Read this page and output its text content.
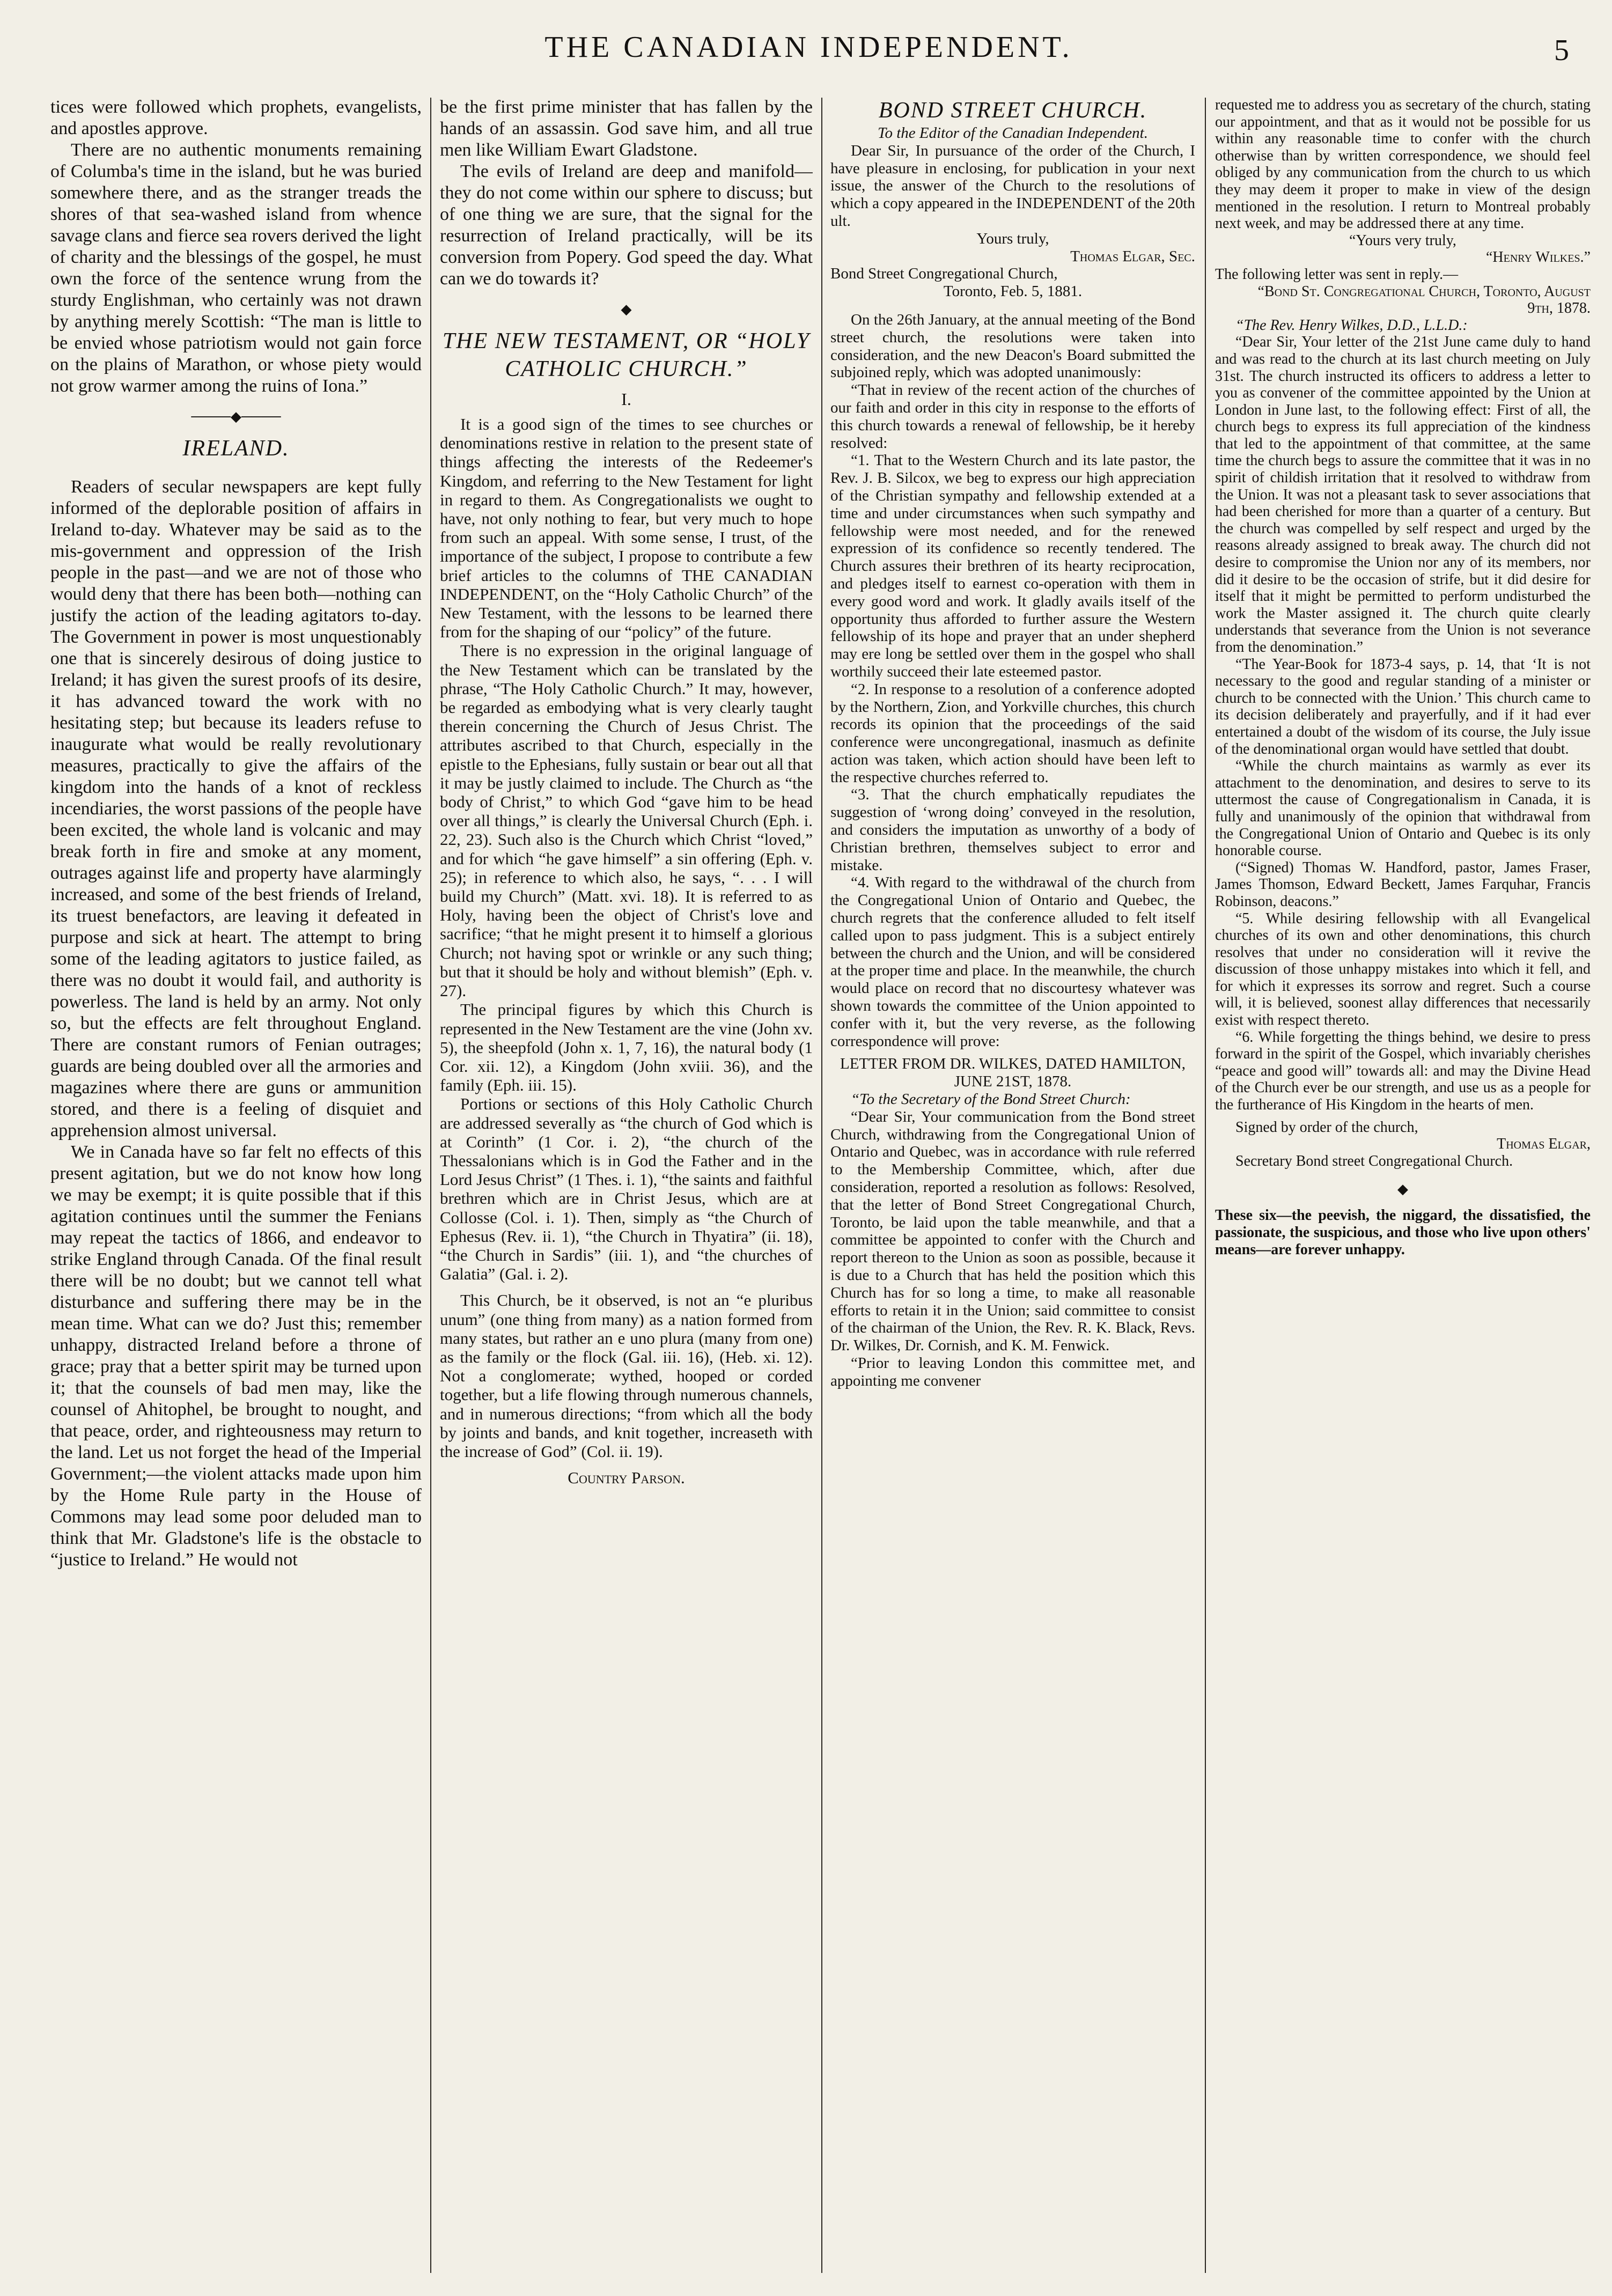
THE CANADIAN INDEPENDENT.	5

tices were followed which prophets, evangelists, and apostles approve.

There are no authentic monuments remaining of Columba's time in the island, but he was buried somewhere there, and as the stranger treads the shores of that sea-washed island from whence savage clans and fierce sea rovers derived the light of charity and the blessings of the gospel, he must own the force of the sentence wrung from the sturdy Englishman, who certainly was not drawn by anything merely Scottish: “The man is little to be envied whose patriotism would not gain force on the plains of Marathon, or whose piety would not grow warmer among the ruins of Iona.”

────◆────
IRELAND.

Readers of secular newspapers are kept fully informed of the deplorable position of affairs in Ireland to-day. Whatever may be said as to the mis-government and oppression of the Irish people in the past—and we are not of those who would deny that there has been both—nothing can justify the action of the leading agitators to-day. The Government in power is most unquestionably one that is sincerely desirous of doing justice to Ireland; it has given the surest proofs of its desire, it has advanced toward the work with no hesitating step; but because its leaders refuse to inaugurate what would be really revolutionary measures, practically to give the affairs of the kingdom into the hands of a knot of reckless incendiaries, the worst passions of the people have been excited, the whole land is volcanic and may break forth in fire and smoke at any moment, outrages against life and property have alarmingly increased, and some of the best friends of Ireland, its truest benefactors, are leaving it defeated in purpose and sick at heart. The attempt to bring some of the leading agitators to justice failed, as there was no doubt it would fail, and authority is powerless. The land is held by an army. Not only so, but the effects are felt throughout England. There are constant rumors of Fenian outrages; guards are being doubled over all the armories and magazines where there are guns or ammunition stored, and there is a feeling of disquiet and apprehension almost universal.

We in Canada have so far felt no effects of this present agitation, but we do not know how long we may be exempt; it is quite possible that if this agitation continues until the summer the Fenians may repeat the tactics of 1866, and endeavor to strike England through Canada. Of the final result there will be no doubt; but we cannot tell what disturbance and suffering there may be in the mean time. What can we do? Just this; remember unhappy, distracted Ireland before a throne of grace; pray that a better spirit may be turned upon it; that the counsels of bad men may, like the counsel of Ahitophel, be brought to nought, and that peace, order, and righteousness may return to the land. Let us not forget the head of the Imperial Government;—the violent attacks made upon him by the Home Rule party in the House of Commons may lead some poor deluded man to think that Mr. Gladstone's life is the obstacle to “justice to Ireland.” He would not

be the first prime minister that has fallen by the hands of an assassin. God save him, and all true men like William Ewart Gladstone.

The evils of Ireland are deep and manifold—they do not come within our sphere to discuss; but of one thing we are sure, that the signal for the resurrection of Ireland practically, will be its conversion from Popery. God speed the day. What can we do towards it?

◆
THE NEW TESTAMENT, OR “HOLY CATHOLIC CHURCH.”
I.

It is a good sign of the times to see churches or denominations restive in relation to the present state of things affecting the interests of the Redeemer's Kingdom, and referring to the New Testament for light in regard to them. As Congregationalists we ought to have, not only nothing to fear, but very much to hope from such an appeal. With some sense, I trust, of the importance of the subject, I propose to contribute a few brief articles to the columns of THE CANADIAN INDEPENDENT, on the “Holy Catholic Church” of the New Testament, with the lessons to be learned there from for the shaping of our “policy” of the future.

There is no expression in the original language of the New Testament which can be translated by the phrase, “The Holy Catholic Church.” It may, however, be regarded as embodying what is very clearly taught therein concerning the Church of Jesus Christ. The attributes ascribed to that Church, especially in the epistle to the Ephesians, fully sustain or bear out all that it may be justly claimed to include. The Church as “the body of Christ,” to which God “gave him to be head over all things,” is clearly the Universal Church (Eph. i. 22, 23). Such also is the Church which Christ “loved,” and for which “he gave himself” a sin offering (Eph. v. 25); in reference to which also, he says, “. . . I will build my Church” (Matt. xvi. 18). It is referred to as Holy, having been the object of Christ's love and sacrifice; “that he might present it to himself a glorious Church; not having spot or wrinkle or any such thing; but that it should be holy and without blemish” (Eph. v. 27).

The principal figures by which this Church is represented in the New Testament are the vine (John xv. 5), the sheepfold (John x. 1, 7, 16), the natural body (1 Cor. xii. 12), a Kingdom (John xviii. 36), and the family (Eph. iii. 15).

Portions or sections of this Holy Catholic Church are addressed severally as “the church of God which is at Corinth” (1 Cor. i. 2), “the church of the Thessalonians which is in God the Father and in the Lord Jesus Christ” (1 Thes. i. 1), “the saints and faithful brethren which are in Christ Jesus, which are at Collosse (Col. i. 1). Then, simply as “the Church of Ephesus (Rev. ii. 1), “the Church in Thyatira” (ii. 18), “the Church in Sardis” (iii. 1), and “the churches of Galatia” (Gal. i. 2).

This Church, be it observed, is not an “e pluribus unum” (one thing from many) as a nation formed from many states, but rather an e uno plura (many from one) as the family or the flock (Gal. iii. 16), (Heb. xi. 12). Not a conglomerate; wythed, hooped or corded together, but a life flowing through numerous channels, and in numerous directions; “from which all the body by joints and bands, and knit together, increaseth with the increase of God” (Col. ii. 19).

Country Parson.

BOND STREET CHURCH.

To the Editor of the Canadian Independent.

Dear Sir, In pursuance of the order of the Church, I have pleasure in enclosing, for publication in your next issue, the answer of the Church to the resolutions of which a copy appeared in the INDEPENDENT of the 20th ult.

Yours truly,

Thomas Elgar, Sec.

Bond Street Congregational Church,

Toronto, Feb. 5, 1881.

On the 26th January, at the annual meeting of the Bond street church, the resolutions were taken into consideration, and the new Deacon's Board submitted the subjoined reply, which was adopted unanimously:

“That in review of the recent action of the churches of our faith and order in this city in response to the efforts of this church towards a renewal of fellowship, be it hereby resolved:

“1. That to the Western Church and its late pastor, the Rev. J. B. Silcox, we beg to express our high appreciation of the Christian sympathy and fellowship extended at a time and under circumstances when such sympathy and fellowship were most needed, and for the renewed expression of its confidence so recently tendered. The Church assures their brethren of its hearty reciprocation, and pledges itself to earnest co-operation with them in every good word and work. It gladly avails itself of the opportunity thus afforded to further assure the Western fellowship of its hope and prayer that an under shepherd may ere long be settled over them in the gospel who shall worthily succeed their late esteemed pastor.

“2. In response to a resolution of a conference adopted by the Northern, Zion, and Yorkville churches, this church records its opinion that the proceedings of the said conference were uncongregational, inasmuch as definite action was taken, which action should have been left to the respective churches referred to.

“3. That the church emphatically repudiates the suggestion of ‘wrong doing’ conveyed in the resolution, and considers the imputation as unworthy of a body of Christian brethren, themselves subject to error and mistake.

“4. With regard to the withdrawal of the church from the Congregational Union of Ontario and Quebec, the church regrets that the conference alluded to felt itself called upon to pass judgment. This is a subject entirely between the church and the Union, and will be considered at the proper time and place. In the meanwhile, the church would place on record that no discourtesy whatever was shown towards the committee of the Union appointed to confer with it, but the very reverse, as the following correspondence will prove:

LETTER FROM DR. WILKES, DATED HAMILTON, JUNE 21ST, 1878.

“To the Secretary of the Bond Street Church:

“Dear Sir, Your communication from the Bond street Church, withdrawing from the Congregational Union of Ontario and Quebec, was in accordance with rule referred to the Membership Committee, which, after due consideration, reported a resolution as follows: Resolved, that the letter of Bond Street Congregational Church, Toronto, be laid upon the table meanwhile, and that a committee be appointed to confer with the Church and report thereon to the Union as soon as possible, because it is due to a Church that has held the position which this Church has for so long a time, to make all reasonable efforts to retain it in the Union; said committee to consist of the chairman of the Union, the Rev. R. K. Black, Revs. Dr. Wilkes, Dr. Cornish, and K. M. Fenwick.

“Prior to leaving London this committee met, and appointing me convener

requested me to address you as secretary of the church, stating our appointment, and that as it would not be possible for us within any reasonable time to confer with the church otherwise than by written correspondence, we should feel obliged by any communication from the church to us which they may deem it proper to make in view of the design mentioned in the resolution. I return to Montreal probably next week, and may be addressed there at any time.

“Yours very truly,

“Henry Wilkes.”

The following letter was sent in reply.—

“Bond St. Congregational Church, Toronto, August 9th, 1878.

“The Rev. Henry Wilkes, D.D., L.L.D.:

“Dear Sir, Your letter of the 21st June came duly to hand and was read to the church at its last church meeting on July 31st. The church instructed its officers to address a letter to you as convener of the committee appointed by the Union at London in June last, to the following effect: First of all, the church begs to express its full appreciation of the kindness that led to the appointment of that committee, at the same time the church begs to assure the committee that it was in no spirit of childish irritation that it resolved to withdraw from the Union. It was not a pleasant task to sever associations that had been cherished for more than a quarter of a century. But the church was compelled by self respect and urged by the reasons already assigned to break away. The church did not desire to compromise the Union nor any of its members, nor did it desire to be the occasion of strife, but it did desire for itself that it might be permitted to perform undisturbed the work the Master assigned it. The church quite clearly understands that severance from the Union is not severance from the denomination.”

“The Year-Book for 1873-4 says, p. 14, that ‘It is not necessary to the good and regular standing of a minister or church to be connected with the Union.’ This church came to its decision deliberately and prayerfully, and if it had ever entertained a doubt of the wisdom of its course, the July issue of the denominational organ would have settled that doubt.

“While the church maintains as warmly as ever its attachment to the denomination, and desires to serve to its uttermost the cause of Congregationalism in Canada, it is fully and unanimously of the opinion that withdrawal from the Congregational Union of Ontario and Quebec is its only honorable course.

(“Signed) Thomas W. Handford, pastor, James Fraser, James Thomson, Edward Beckett, James Farquhar, Francis Robinson, deacons.”

“5. While desiring fellowship with all Evangelical churches of its own and other denominations, this church resolves that under no consideration will it revive the discussion of those unhappy mistakes into which it fell, and for which it expresses its sorrow and regret. Such a course will, it is believed, soonest allay differences that necessarily exist with respect thereto.

“6. While forgetting the things behind, we desire to press forward in the spirit of the Gospel, which invariably cherishes “peace and good will” towards all: and may the Divine Head of the Church ever be our strength, and use us as a people for the furtherance of His Kingdom in the hearts of men.

Signed by order of the church,

Thomas Elgar,

Secretary Bond street Congregational Church.

◆

These six—the peevish, the niggard, the dissatisfied, the passionate, the suspicious, and those who live upon others' means—are forever unhappy.
